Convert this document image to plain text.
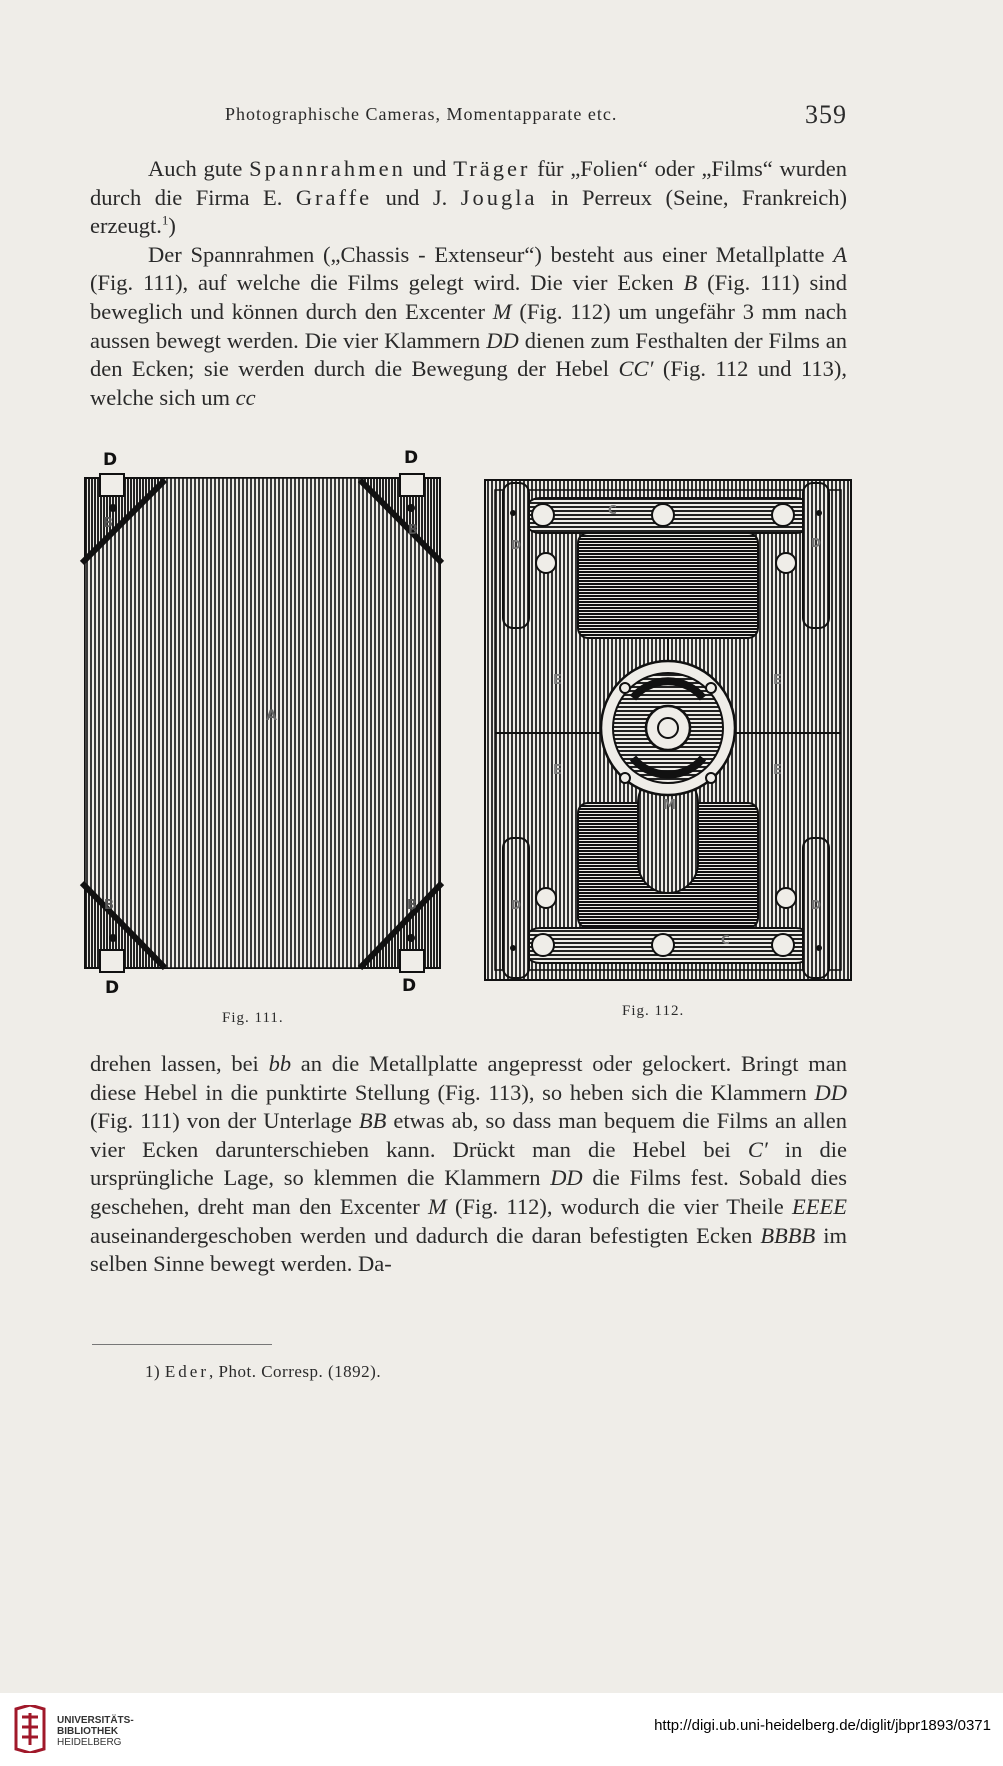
Photographische Cameras, Momentapparate etc.	359

Auch gute Spannrahmen und Träger für „Folien“ oder „Films“ wurden durch die Firma E. Graffe und J. Jougla in Perreux (Seine, Frankreich) erzeugt.$^1$)

Der Spannrahmen („Chassis - Extenseur“) besteht aus einer Metallplatte A (Fig. 111), auf welche die Films gelegt wird. Die vier Ecken B (Fig. 111) sind beweglich und können durch den Excenter M (Fig. 112) um ungefähr 3 mm nach aussen bewegt werden. Die vier Klammern DD dienen zum Festhalten der Films an den Ecken; sie werden durch die Bewegung der Hebel CC′ (Fig. 112 und 113), welche sich um cc

D	D
D	D
B	B
B	B
A
Fig. 111.
C
C
D	D
D	D
E	E
E	E
M
Fig. 112.

drehen lassen, bei bb an die Metallplatte angepresst oder gelockert. Bringt man diese Hebel in die punktirte Stellung (Fig. 113), so heben sich die Klammern DD (Fig. 111) von der Unterlage BB etwas ab, so dass man bequem die Films an allen vier Ecken darunterschieben kann. Drückt man die Hebel bei C′ in die ursprüngliche Lage, so klemmen die Klammern DD die Films fest. Sobald dies geschehen, dreht man den Excenter M (Fig. 112), wodurch die vier Theile EEEE auseinandergeschoben werden und dadurch die daran befestigten Ecken BBBB im selben Sinne bewegt werden. Da-

1) Eder, Phot. Corresp. (1892).
UNIVERSITÄTS-
BIBLIOTHEK
HEIDELBERG
http://digi.ub.uni-heidelberg.de/diglit/jbpr1893/0371
